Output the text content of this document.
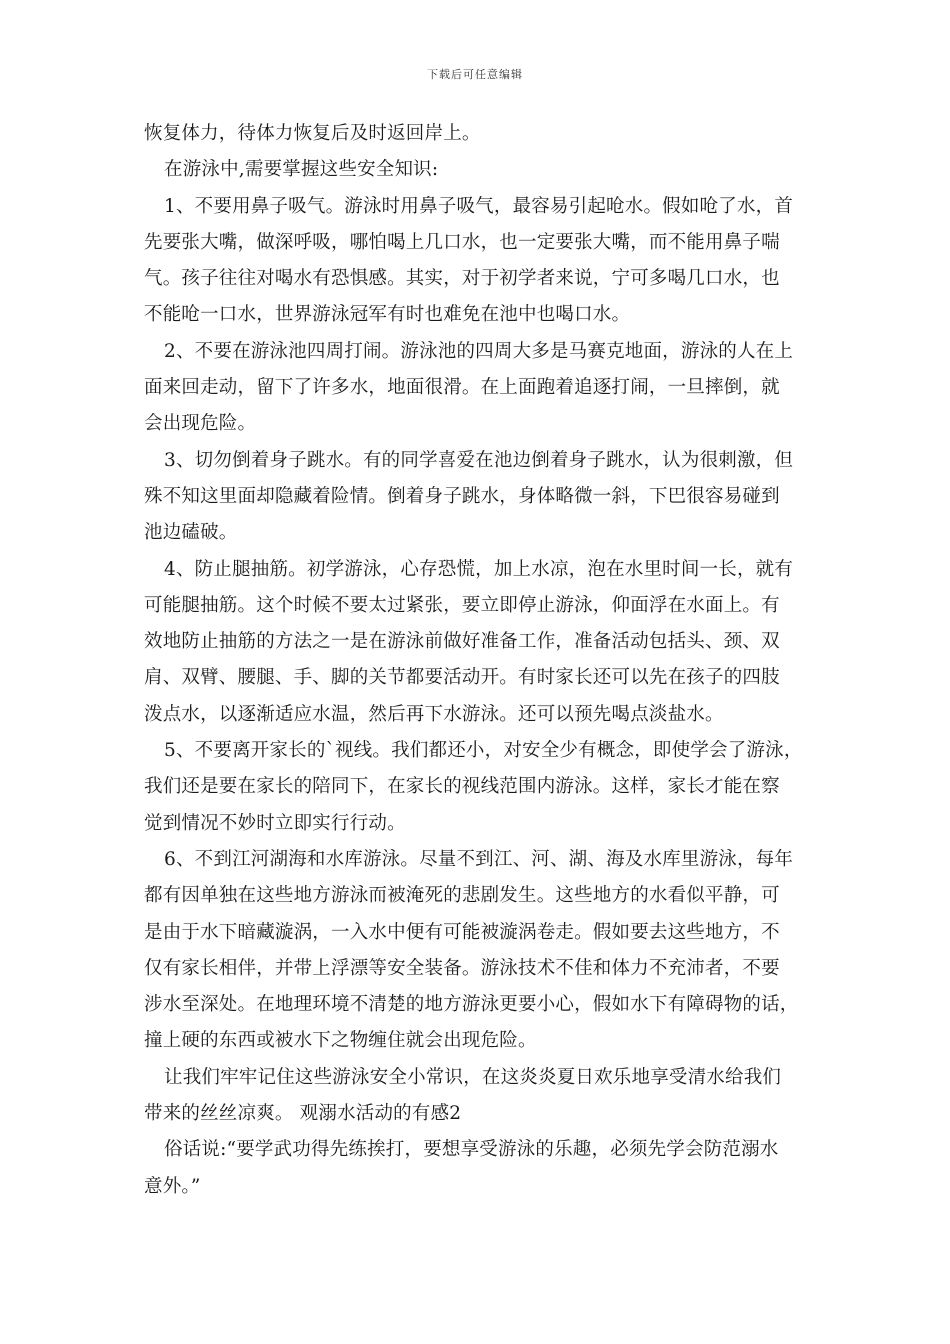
下载后可任意编辑
恢复体力，待体力恢复后及时返回岸上。
在游泳中,需要掌握这些安全知识:
1、不要用鼻子吸气。游泳时用鼻子吸气，最容易引起呛水。假如呛了水，首
先要张大嘴，做深呼吸，哪怕喝上几口水，也一定要张大嘴，而不能用鼻子喘
气。孩子往往对喝水有恐惧感。其实，对于初学者来说，宁可多喝几口水，也
不能呛一口水，世界游泳冠军有时也难免在池中也喝口水。
2、不要在游泳池四周打闹。游泳池的四周大多是马赛克地面，游泳的人在上
面来回走动，留下了许多水，地面很滑。在上面跑着追逐打闹，一旦摔倒，就
会出现危险。
3、切勿倒着身子跳水。有的同学喜爱在池边倒着身子跳水，认为很刺激，但
殊不知这里面却隐藏着险情。倒着身子跳水，身体略微一斜，下巴很容易碰到
池边磕破。
4、防止腿抽筋。初学游泳，心存恐慌，加上水凉，泡在水里时间一长，就有
可能腿抽筋。这个时候不要太过紧张，要立即停止游泳，仰面浮在水面上。有
效地防止抽筋的方法之一是在游泳前做好准备工作，准备活动包括头、颈、双
肩、双臂、腰腿、手、脚的关节都要活动开。有时家长还可以先在孩子的四肢
泼点水，以逐渐适应水温，然后再下水游泳。还可以预先喝点淡盐水。
5、不要离开家长的`视线。我们都还小，对安全少有概念，即使学会了游泳，
我们还是要在家长的陪同下，在家长的视线范围内游泳。这样，家长才能在察
觉到情况不妙时立即实行行动。
6、不到江河湖海和水库游泳。尽量不到江、河、湖、海及水库里游泳，每年
都有因单独在这些地方游泳而被淹死的悲剧发生。这些地方的水看似平静，可
是由于水下暗藏漩涡，一入水中便有可能被漩涡卷走。假如要去这些地方，不
仅有家长相伴，并带上浮漂等安全装备。游泳技术不佳和体力不充沛者，不要
涉水至深处。在地理环境不清楚的地方游泳更要小心，假如水下有障碍物的话，
撞上硬的东西或被水下之物缠住就会出现危险。
让我们牢牢记住这些游泳安全小常识，在这炎炎夏日欢乐地享受清水给我们
带来的丝丝凉爽。 观溺水活动的有感2
俗话说:“要学武功得先练挨打，要想享受游泳的乐趣，必须先学会防范溺水
意外。”
